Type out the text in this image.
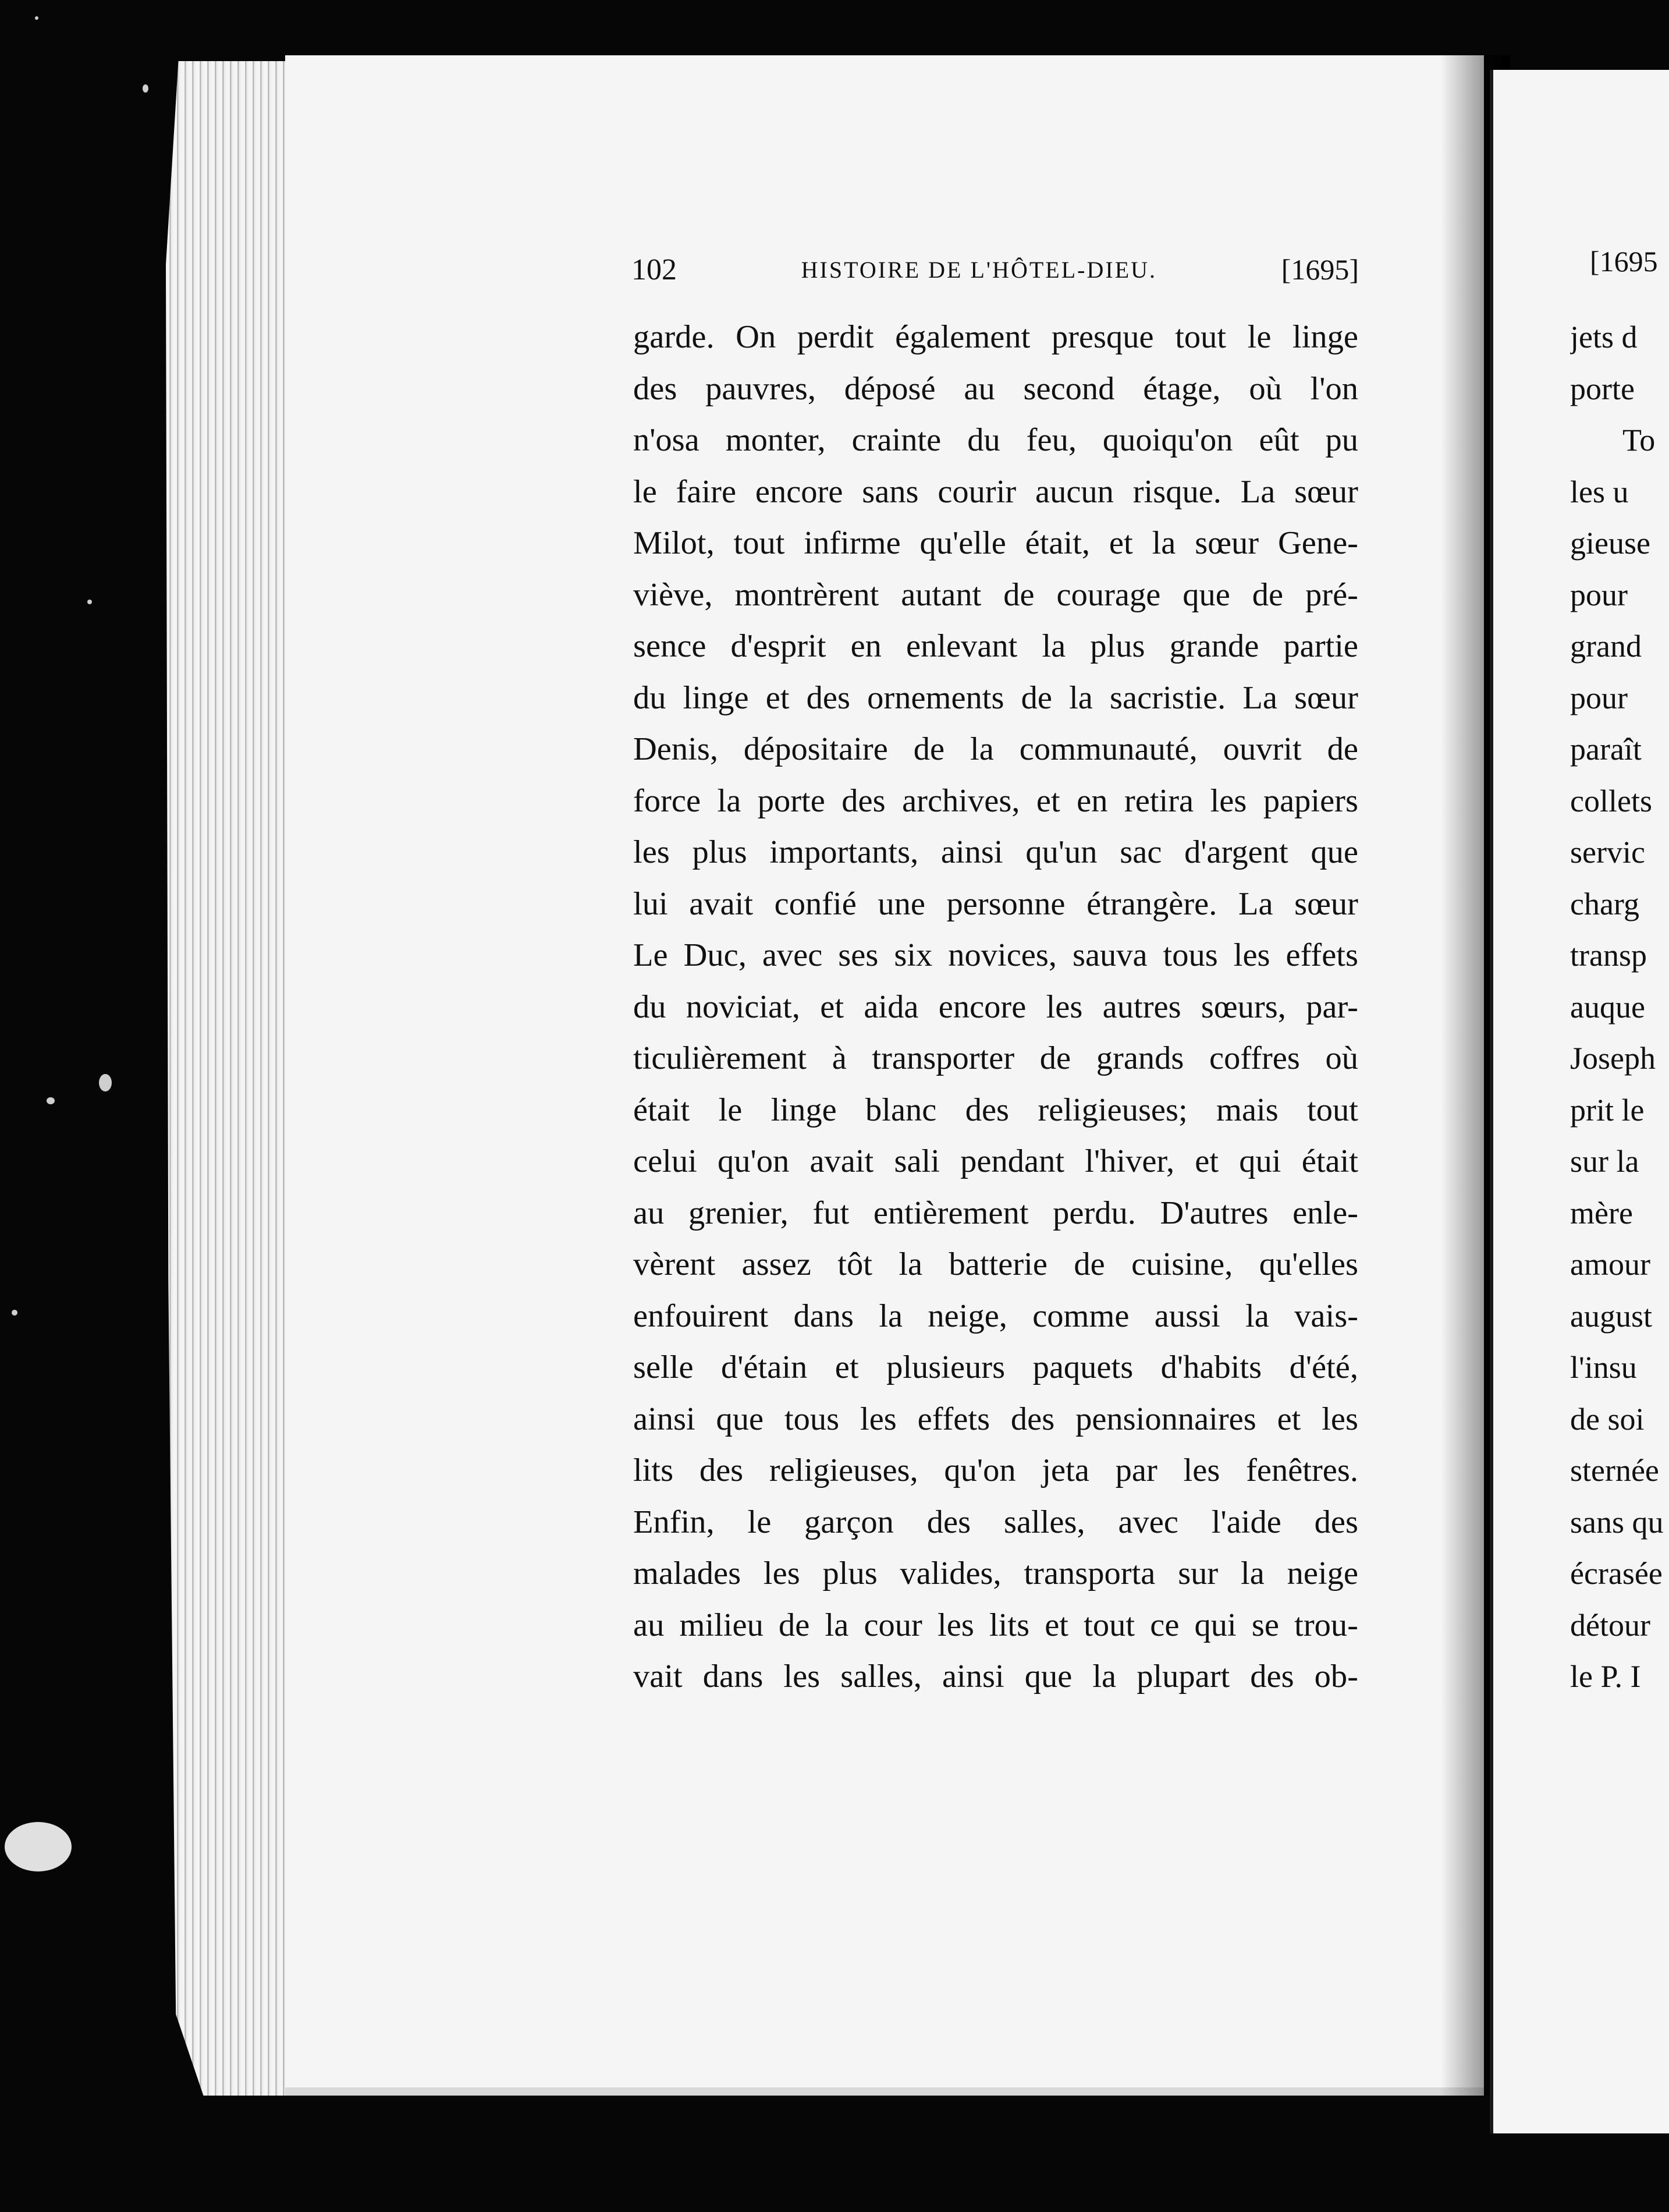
102	HISTOIRE DE L'HÔTEL-DIEU.	[1695]
garde. On perdit également presque tout le linge
des pauvres, déposé au second étage, où l'on
n'osa monter, crainte du feu, quoiqu'on eût pu
le faire encore sans courir aucun risque. La sœur
Milot, tout infirme qu'elle était, et la sœur Gene-
viève, montrèrent autant de courage que de pré-
sence d'esprit en enlevant la plus grande partie
du linge et des ornements de la sacristie. La sœur
Denis, dépositaire de la communauté, ouvrit de
force la porte des archives, et en retira les papiers
les plus importants, ainsi qu'un sac d'argent que
lui avait confié une personne étrangère. La sœur
Le Duc, avec ses six novices, sauva tous les effets
du noviciat, et aida encore les autres sœurs, par-
ticulièrement à transporter de grands coffres où
était le linge blanc des religieuses; mais tout
celui qu'on avait sali pendant l'hiver, et qui était
au grenier, fut entièrement perdu. D'autres enle-
vèrent assez tôt la batterie de cuisine, qu'elles
enfouirent dans la neige, comme aussi la vais-
selle d'étain et plusieurs paquets d'habits d'été,
ainsi que tous les effets des pensionnaires et les
lits des religieuses, qu'on jeta par les fenêtres.
Enfin, le garçon des salles, avec l'aide des
malades les plus valides, transporta sur la neige
au milieu de la cour les lits et tout ce qui se trou-
vait dans les salles, ainsi que la plupart des ob-
[1695
jets d
porte
To
les u
gieuse
pour
grand
pour
paraît
collets
servic
charg
transp
auque
Joseph
prit le
sur la
mère
amour
august
l'insu
de soi
sternée
sans qu
écrasée
détour
le P. I
